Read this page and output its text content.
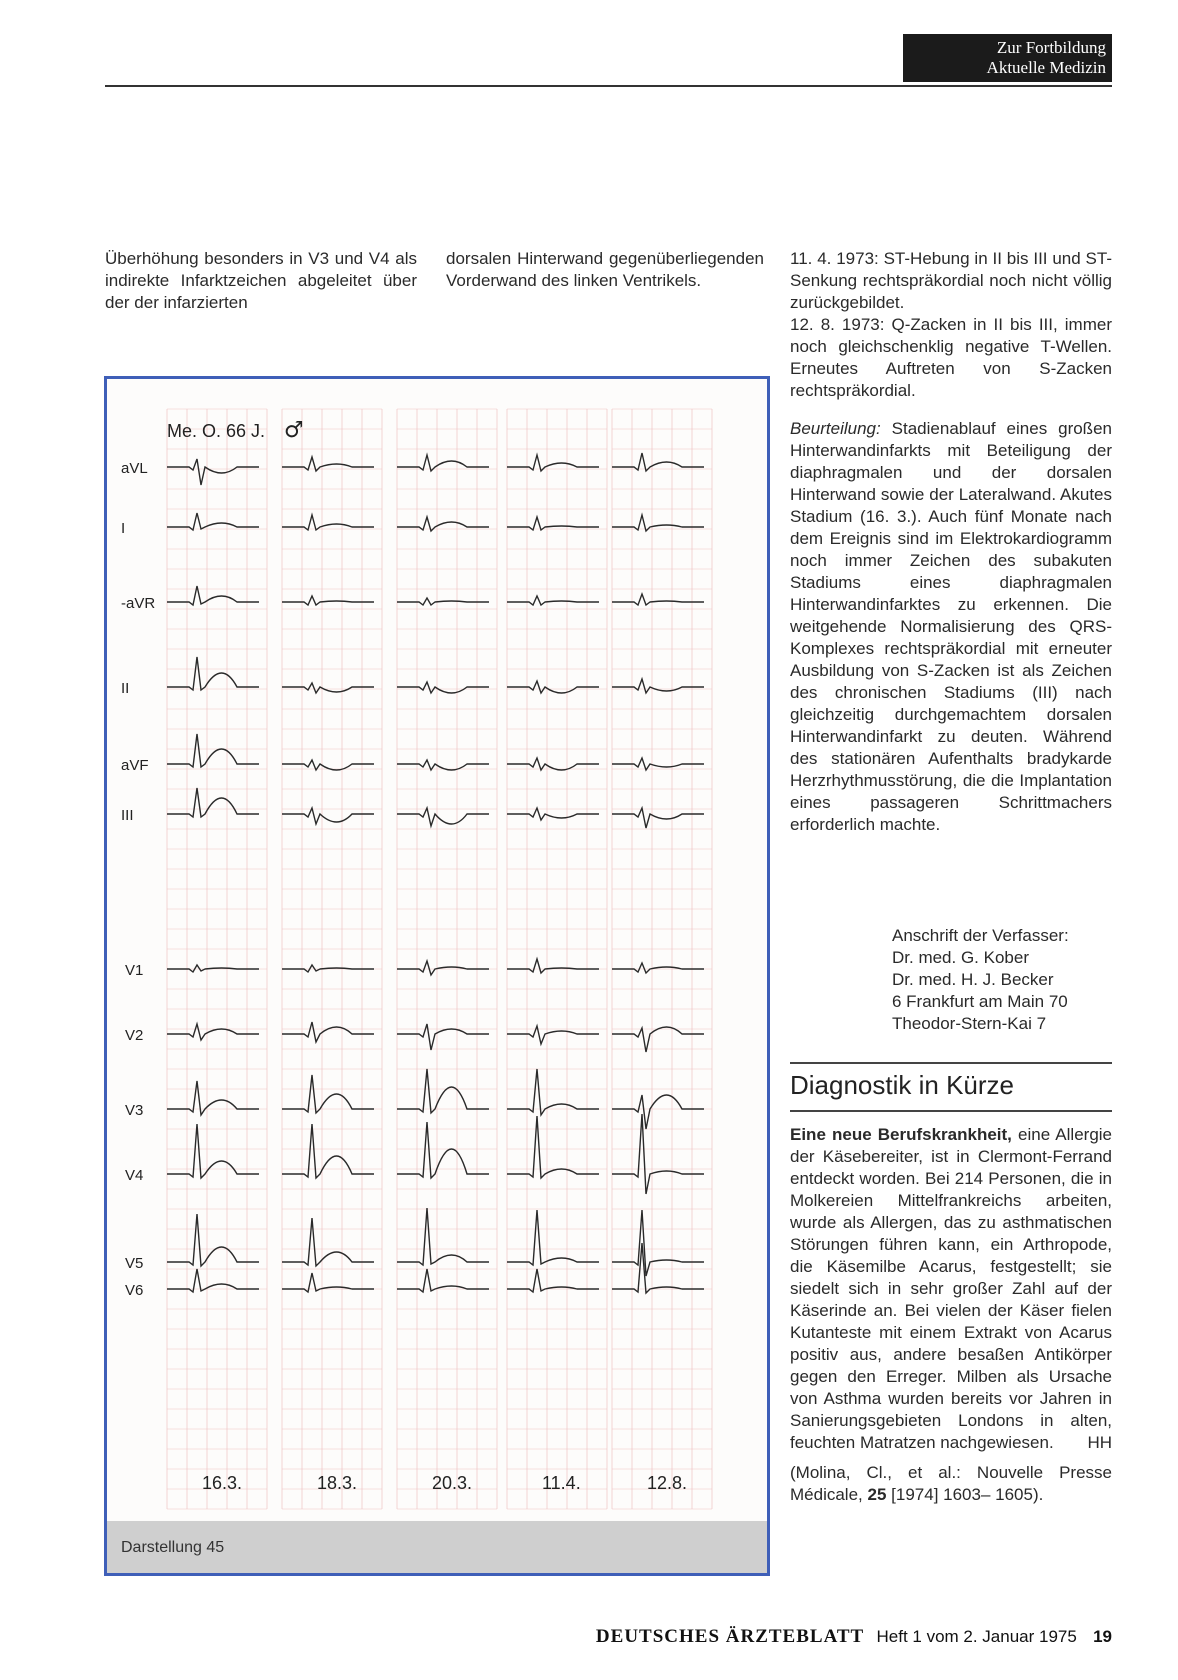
Zur Fortbildung
Aktuelle Medizin

Überhöhung besonders in V3 und V4 als indirekte Infarktzeichen abgeleitet über der der infarzierten

dorsalen Hinterwand gegenüberliegenden Vorderwand des linken Ventrikels.

11. 4. 1973: ST-Hebung in II bis III und ST-Senkung rechtspräkordial noch nicht völlig zurückgebildet.

12. 8. 1973: Q-Zacken in II bis III, immer noch gleichschenklig negative T-Wellen. Erneutes Auftreten von S-Zacken rechtspräkordial.

Beurteilung: Stadienablauf eines großen Hinterwandinfarkts mit Beteiligung der diaphragmalen und der dorsalen Hinterwand sowie der Lateralwand. Akutes Stadium (16. 3.). Auch fünf Monate nach dem Ereignis sind im Elektrokardiogramm noch immer Zeichen des subakuten Stadiums eines diaphragmalen Hinterwandinfarktes zu erkennen. Die weitgehende Normalisierung des QRS-Komplexes rechtspräkordial mit erneuter Ausbildung von S-Zacken ist als Zeichen des chronischen Stadiums (III) nach gleichzeitig durchgemachtem dorsalen Hinterwandinfarkt zu deuten. Während des stationären Aufenthalts bradykarde Herzrhythmusstörung, die die Implantation eines passageren Schrittmachers erforderlich machte.

Anschrift der Verfasser:
Dr. med. G. Kober
Dr. med. H. J. Becker
6 Frankfurt am Main 70
Theodor-Stern-Kai 7
Diagnostik in Kürze

Eine neue Berufskrankheit, eine Allergie der Käsebereiter, ist in Clermont-Ferrand entdeckt worden. Bei 214 Personen, die in Molkereien Mittelfrankreichs arbeiten, wurde als Allergen, das zu asthmatischen Störungen führen kann, ein Arthropode, die Käsemilbe Acarus, festgestellt; sie siedelt sich in sehr großer Zahl auf der Käserinde an. Bei vielen der Käser fielen Kutanteste mit einem Extrakt von Acarus positiv aus, andere besaßen Antikörper gegen den Erreger. Milben als Ursache von Asthma wurden bereits vor Jahren in Sanierungsgebieten Londons in alten, feuchten Matratzen nachgewiesen. HH

(Molina, Cl., et al.: Nouvelle Presse Médicale, 25 [1974] 1603– 1605).

Me. O. 66 J. ♂
aVL
I
-aVR
II
aVF
III
V1
V2
V3
V4
V5
V6
16.3.	18.3.	20.3.	11.4.	12.8.
Darstellung 45
DEUTSCHES ÄRZTEBLATT Heft 1 vom 2. Januar 1975 19
